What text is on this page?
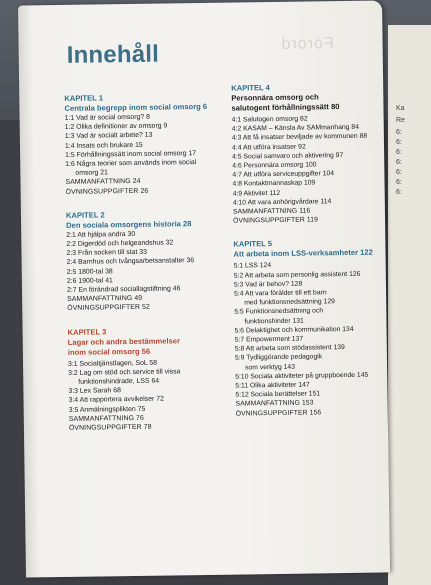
Ka
Re
6:
6:
6:
6:
6:
6:
6:
Förord
Innehåll
KAPITEL 1
Centrala begrepp inom social omsorg 6
1:1 Vad är social omsorg? 8
1:2 Olika definitioner av omsorg 9
1:3 Vad är socialt arbete? 13
1:4 Insats och brukare 15
1:5 Förhållningssätt inom social omsorg 17
1:6 Några teorier som används inom social
omsorg 21
SAMMANFATTNING 24
ÖVNINGSUPPGIFTER 26
KAPITEL 2
Den sociala omsorgens historia 28
2:1 Att hjälpa andra 30
2:2 Digerdöd och helgeandshus 32
2:3 Från socken till stat 33
2:4 Barnhus och tvångsarbetsanstalter 36
2:5 1800-tal 38
2:6 1900-tal 41
2:7 En förändrad sociallagstiftning 46
SAMMANFATTNING 49
ÖVNINGSUPPGIFTER 52
KAPITEL 3
Lagar och andra bestämmelser
inom social omsorg 56
3:1 Socialtjänstlagen, SoL 58
3:2 Lag om stöd och service till vissa
funktionshindrade, LSS 64
3:3 Lex Sarah 68
3:4 Att rapportera avvikelser 72
3:5 Anmälningsplikten 75
SAMMANFATTNING 76
ÖVNINGSUPPGIFTER 78
KAPITEL 4
Personnära omsorg och
salutogent förhållningssätt 80
4:1 Salutogen omsorg 82
4:2 KASAM – Känsla Av SAMmanhang 84
4:3 Att få insatser beviljade av kommunen 88
4:4 Att utföra insatser 92
4:5 Social samvaro och aktivering 97
4:6 Personnära omsorg 100
4:7 Att utföra serviceuppgifter 104
4:8 Kontaktmannaskap 109
4:9 Aktivitet 112
4:10 Att vara anhörigvårdare 114
SAMMANFATTNING 116
ÖVNINGSUPPGIFTER 119
KAPITEL 5
Att arbeta inom LSS-verksamheter 122
5:1 LSS 124
5:2 Att arbeta som personlig assistent 126
5:3 Vad är behov? 128
5:4 Att vara förälder till ett barn
med funktionsnedsättning 129
5:5 Funktionsnedsättning och
funktionshinder 131
5:6 Delaktighet och kommunikation 134
5:7 Empowerment 137
5:8 Att arbeta som stödassistent 139
5:9 Tydliggörande pedagogik
som verktyg 143
5:10 Sociala aktiviteter på gruppboende 145
5:11 Olika aktiviteter 147
5:12 Sociala berättelser 151
SAMMANFATTNING 153
ÖVNINGSUPPGIFTER 156
